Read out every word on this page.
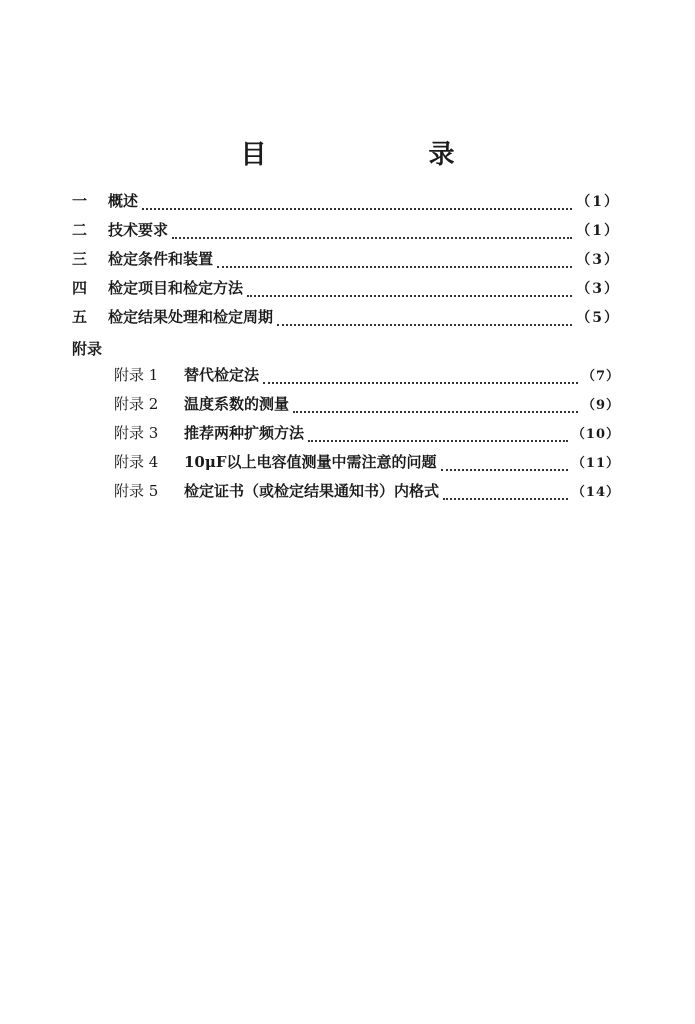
目　录
一	概述	（1）
二	技术要求	（1）
三	检定条件和装置	（3）
四	检定项目和检定方法	（3）
五	检定结果处理和检定周期	（5）
附录
附录 1	替代检定法	（7）
附录 2	温度系数的测量	（9）
附录 3	推荐两种扩频方法	（10）
附录 4	10μF以上电容值测量中需注意的问题	（11）
附录 5	检定证书（或检定结果通知书）内格式	（14）
